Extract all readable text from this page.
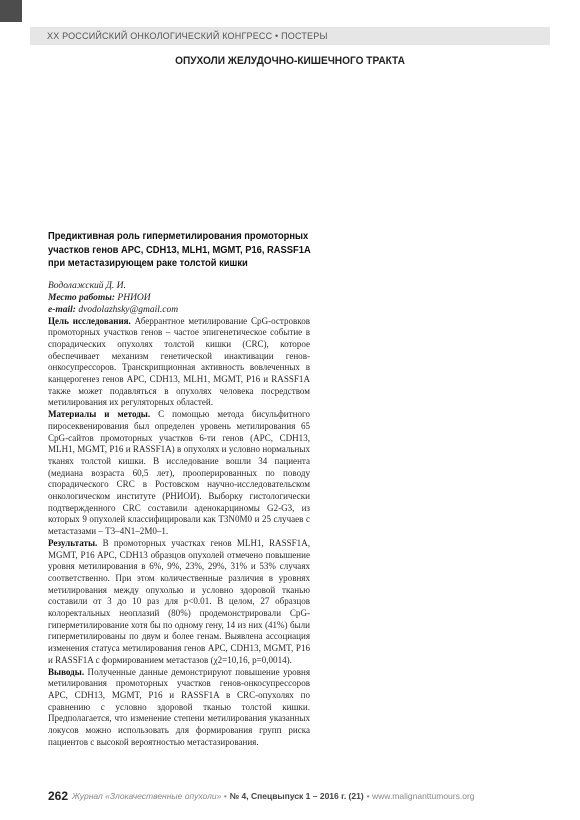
XX РОССИЙСКИЙ ОНКОЛОГИЧЕСКИЙ КОНГРЕСС • ПОСТЕРЫ
ОПУХОЛИ ЖЕЛУДОЧНО-КИШЕЧНОГО ТРАКТА
Предиктивная роль гиперметилирования промоторных участков генов APC, CDH13, MLH1, MGMT, P16, RASSF1A при метастазирующем раке толстой кишки

Водолажский Д. И.

Место работы: РНИОИ

e-mail: dvodolazhsky@gmail.com

Цель исследования. Аберрантное метилирование CpG-островков промоторных участков генов – частое эпигенетическое событие в спорадических опухолях толстой кишки (CRC), которое обеспечивает механизм генетической инактивации генов-онкосупрессоров. Транскрипционная активность вовлеченных в канцерогенез генов APC, CDH13, MLH1, MGMT, P16 и RASSF1A также может подавляться в опухолях человека посредством метилирования их регуляторных областей.

Материалы и методы. С помощью метода бисульфитного пиросеквенирования был определен уровень метилирования 65 CpG-сайтов промоторных участков 6-ти генов (APC, CDH13, MLH1, MGMT, P16 и RASSF1A) в опухолях и условно нормальных тканях толстой кишки. В исследование вошли 34 пациента (медиана возраста 60,5 лет), прооперированных по поводу спорадического CRC в Ростовском научно-исследовательском онкологическом институте (РНИОИ). Выборку гистологически подтвержденного CRC составили аденокарциномы G2-G3, из которых 9 опухолей классифицировали как T3N0M0 и 25 случаев с метастазами – T3–4N1–2M0–1.

Результаты. В промоторных участках генов MLH1, RASSF1A, MGMT, P16 APC, CDH13 образцов опухолей отмечено повышение уровня метилирования в 6%, 9%, 23%, 29%, 31% и 53% случаях соответственно. При этом количественные различия в уровнях метилирования между опухолью и условно здоровой тканью составили от 3 до 10 раз для p<0.01. В целом, 27 образцов колоректальных неоплазий (80%) продемонстрировали CpG-гиперметилирование хотя бы по одному гену, 14 из них (41%) были гиперметилированы по двум и более генам. Выявлена ассоциация изменения статуса метилирования генов APC, CDH13, MGMT, P16 и RASSF1A с формированием метастазов (χ2=10,16, p=0,0014).

Выводы. Полученные данные демонстрируют повышение уровня метилирования промоторных участков генов-онкосупрессоров APC, CDH13, MGMT, P16 и RASSF1A в CRC-опухолях по сравнению с условно здоровой тканью толстой кишки. Предполагается, что изменение степени метилирования указанных локусов можно использовать для формирования групп риска пациентов с высокой вероятностью метастазирования.

262 Журнал «Злокачественные опухоли» • № 4, Спецвыпуск 1 – 2016 г. (21) • www.malignanttumours.org
